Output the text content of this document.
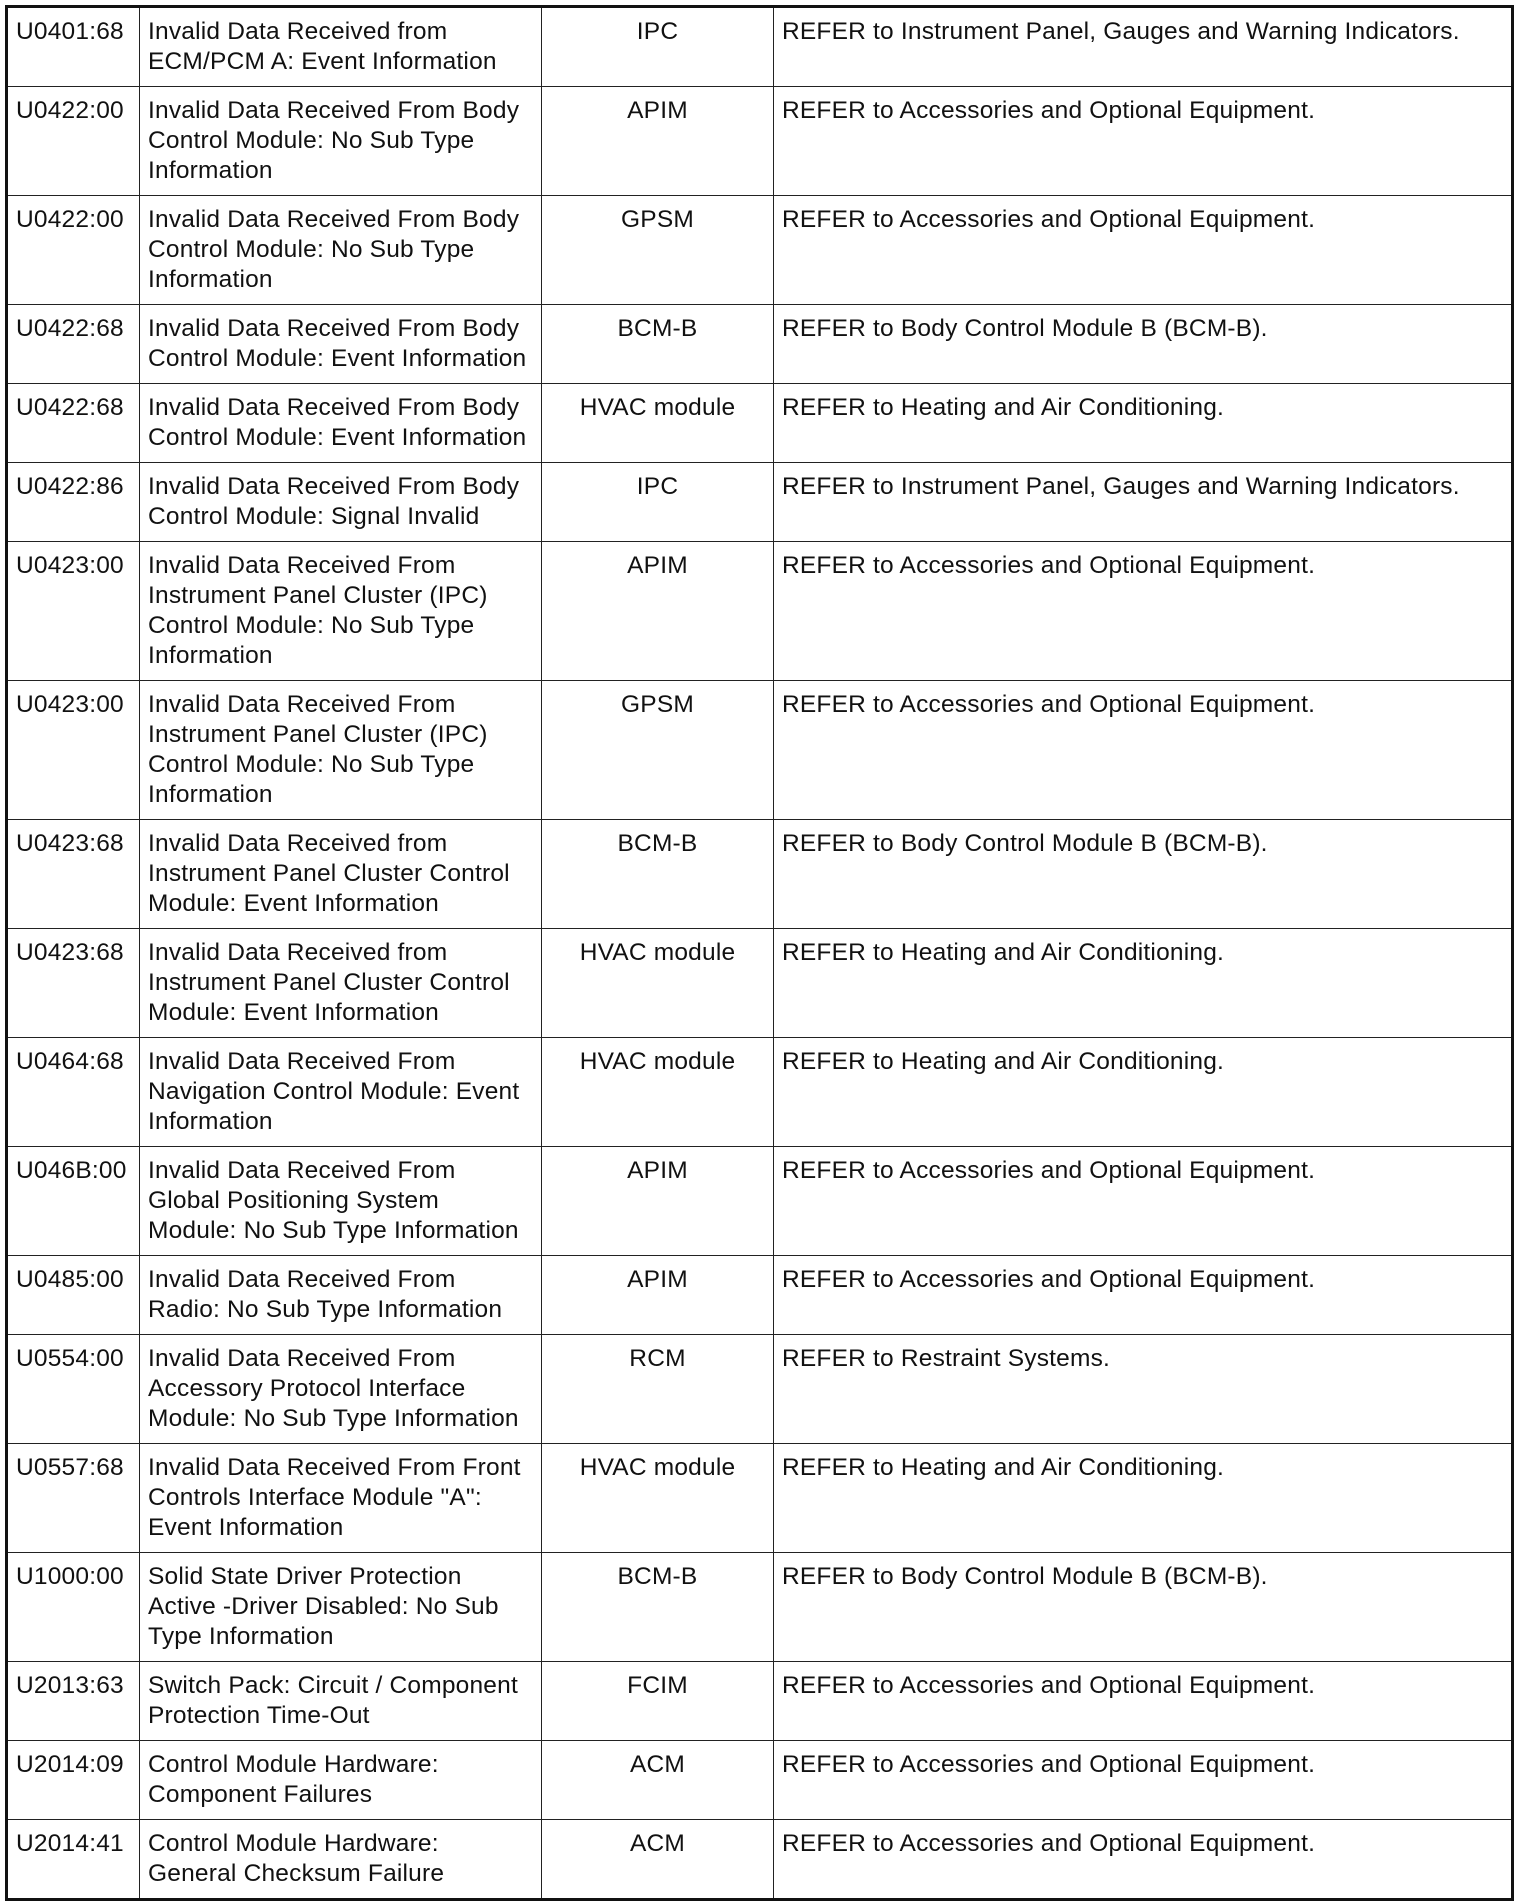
U0401:68	Invalid Data Received from ECM/PCM A: Event Information	IPC	REFER to Instrument Panel, Gauges and Warning Indicators.
U0422:00	Invalid Data Received From Body Control Module: No Sub Type Information	APIM	REFER to Accessories and Optional Equipment.
U0422:00	Invalid Data Received From Body Control Module: No Sub Type Information	GPSM	REFER to Accessories and Optional Equipment.
U0422:68	Invalid Data Received From Body Control Module: Event Information	BCM-B	REFER to Body Control Module B (BCM-B).
U0422:68	Invalid Data Received From Body Control Module: Event Information	HVAC module	REFER to Heating and Air Conditioning.
U0422:86	Invalid Data Received From Body Control Module: Signal Invalid	IPC	REFER to Instrument Panel, Gauges and Warning Indicators.
U0423:00	Invalid Data Received From Instrument Panel Cluster (IPC) Control Module: No Sub Type Information	APIM	REFER to Accessories and Optional Equipment.
U0423:00	Invalid Data Received From Instrument Panel Cluster (IPC) Control Module: No Sub Type Information	GPSM	REFER to Accessories and Optional Equipment.
U0423:68	Invalid Data Received from Instrument Panel Cluster Control Module: Event Information	BCM-B	REFER to Body Control Module B (BCM-B).
U0423:68	Invalid Data Received from Instrument Panel Cluster Control Module: Event Information	HVAC module	REFER to Heating and Air Conditioning.
U0464:68	Invalid Data Received From Navigation Control Module: Event Information	HVAC module	REFER to Heating and Air Conditioning.
U046B:00	Invalid Data Received From Global Positioning System Module: No Sub Type Information	APIM	REFER to Accessories and Optional Equipment.
U0485:00	Invalid Data Received From Radio: No Sub Type Information	APIM	REFER to Accessories and Optional Equipment.
U0554:00	Invalid Data Received From Accessory Protocol Interface Module: No Sub Type Information	RCM	REFER to Restraint Systems.
U0557:68	Invalid Data Received From Front Controls Interface Module "A": Event Information	HVAC module	REFER to Heating and Air Conditioning.
U1000:00	Solid State Driver Protection Active -Driver Disabled: No Sub Type Information	BCM-B	REFER to Body Control Module B (BCM-B).
U2013:63	Switch Pack: Circuit / Component Protection Time-Out	FCIM	REFER to Accessories and Optional Equipment.
U2014:09	Control Module Hardware: Component Failures	ACM	REFER to Accessories and Optional Equipment.
U2014:41	Control Module Hardware: General Checksum Failure	ACM	REFER to Accessories and Optional Equipment.
